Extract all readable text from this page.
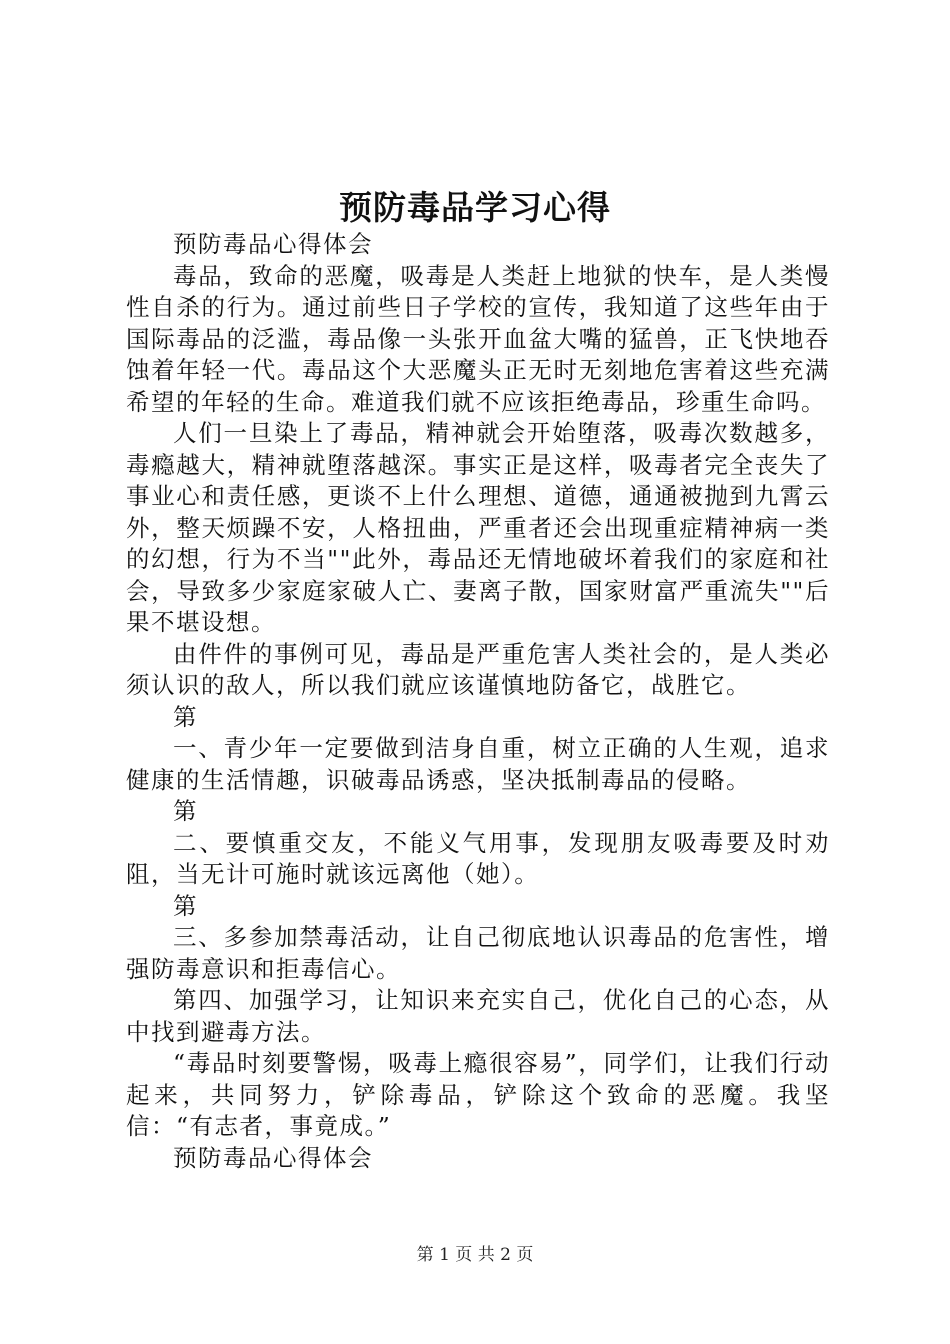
预防毒品学习心得

预防毒品心得体会

毒品，致命的恶魔，吸毒是人类赶上地狱的快车，是人类慢性自杀的行为。通过前些日子学校的宣传，我知道了这些年由于国际毒品的泛滥，毒品像一头张开血盆大嘴的猛兽，正飞快地吞蚀着年轻一代。毒品这个大恶魔头正无时无刻地危害着这些充满希望的年轻的生命。难道我们就不应该拒绝毒品，珍重生命吗。

人们一旦染上了毒品，精神就会开始堕落，吸毒次数越多，毒瘾越大，精神就堕落越深。事实正是这样，吸毒者完全丧失了事业心和责任感，更谈不上什么理想、道德，通通被抛到九霄云外，整天烦躁不安，人格扭曲，严重者还会出现重症精神病一类的幻想，行为不当""此外，毒品还无情地破坏着我们的家庭和社会，导致多少家庭家破人亡、妻离子散，国家财富严重流失""后果不堪设想。

由件件的事例可见，毒品是严重危害人类社会的，是人类必须认识的敌人，所以我们就应该谨慎地防备它，战胜它。

第

一、青少年一定要做到洁身自重，树立正确的人生观，追求健康的生活情趣，识破毒品诱惑，坚决抵制毒品的侵略。

第

二、要慎重交友，不能义气用事，发现朋友吸毒要及时劝阻，当无计可施时就该远离他（她）。

第

三、多参加禁毒活动，让自己彻底地认识毒品的危害性，增强防毒意识和拒毒信心。

第四、加强学习，让知识来充实自己，优化自己的心态，从中找到避毒方法。

“毒品时刻要警惕，吸毒上瘾很容易”，同学们，让我们行动起来，共同努力，铲除毒品，铲除这个致命的恶魔。我坚信：“有志者，事竟成。”

预防毒品心得体会

第 1 页 共 2 页
